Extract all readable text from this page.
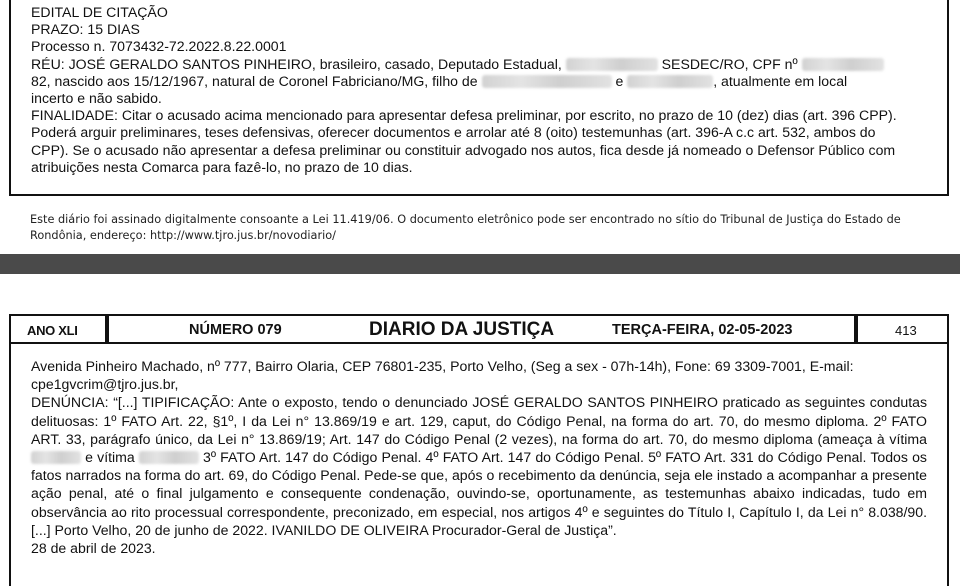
EDITAL DE CITAÇÃO

PRAZO: 15 DIAS

Processo n. 7073432-72.2022.8.22.0001

RÉU: JOSÉ GERALDO SANTOS PINHEIRO, brasileiro, casado, Deputado Estadual,	SESDEC/RO, CPF nº

82, nascido aos 15/12/1967, natural de Coronel Fabriciano/MG, filho de	e	, atualmente em local

incerto e não sabido.

FINALIDADE: Citar o acusado acima mencionado para apresentar defesa preliminar, por escrito, no prazo de 10 (dez) dias (art. 396 CPP).

Poderá arguir preliminares, teses defensivas, oferecer documentos e arrolar até 8 (oito) testemunhas (art. 396-A c.c art. 532, ambos do

CPP). Se o acusado não apresentar a defesa preliminar ou constituir advogado nos autos, fica desde já nomeado o Defensor Público com

atribuições nesta Comarca para fazê-lo, no prazo de 10 dias.

Este diário foi assinado digitalmente consoante a Lei 11.419/06. O documento eletrônico pode ser encontrado no sítio do Tribunal de Justiça do Estado de
Rondônia, endereço: http://www.tjro.jus.br/novodiario/
ANO XLI	NÚMERO 079	DIARIO DA JUSTIÇA	TERÇA-FEIRA, 02-05-2023	413

Avenida Pinheiro Machado, nº 777, Bairro Olaria, CEP 76801-235, Porto Velho, (Seg a sex - 07h-14h), Fone: 69 3309-7001, E-mail:
cpe1gvcrim@tjro.jus.br,

DENÚNCIA: “[...] TIPIFICAÇÃO: Ante o exposto, tendo o denunciado JOSÉ GERALDO SANTOS PINHEIRO praticado as seguintes condutas delituosas: 1º FATO Art. 22, §1º, I da Lei n° 13.869/19 e art. 129, caput, do Código Penal, na forma do art. 70, do mesmo diploma. 2º FATO ART. 33, parágrafo único, da Lei n° 13.869/19; Art. 147 do Código Penal (2 vezes), na forma do art. 70, do mesmo diploma (ameaça à vítima  e vítima	3º FATO Art. 147 do Código Penal. 4º FATO Art. 147 do Código Penal. 5º FATO Art. 331 do Código Penal. Todos os fatos narrados na forma do art. 69, do Código Penal. Pede-se que, após o recebimento da denúncia, seja ele instado a acompanhar a presente ação penal, até o final julgamento e consequente condenação, ouvindo-se, oportunamente, as testemunhas abaixo indicadas, tudo em observância ao rito processual correspondente, preconizado, em especial, nos artigos 4º e seguintes do Título I, Capítulo I, da Lei n° 8.038/90. [...] Porto Velho, 20 de junho de 2022. IVANILDO DE OLIVEIRA Procurador-Geral de Justiça”.

28 de abril de 2023.
